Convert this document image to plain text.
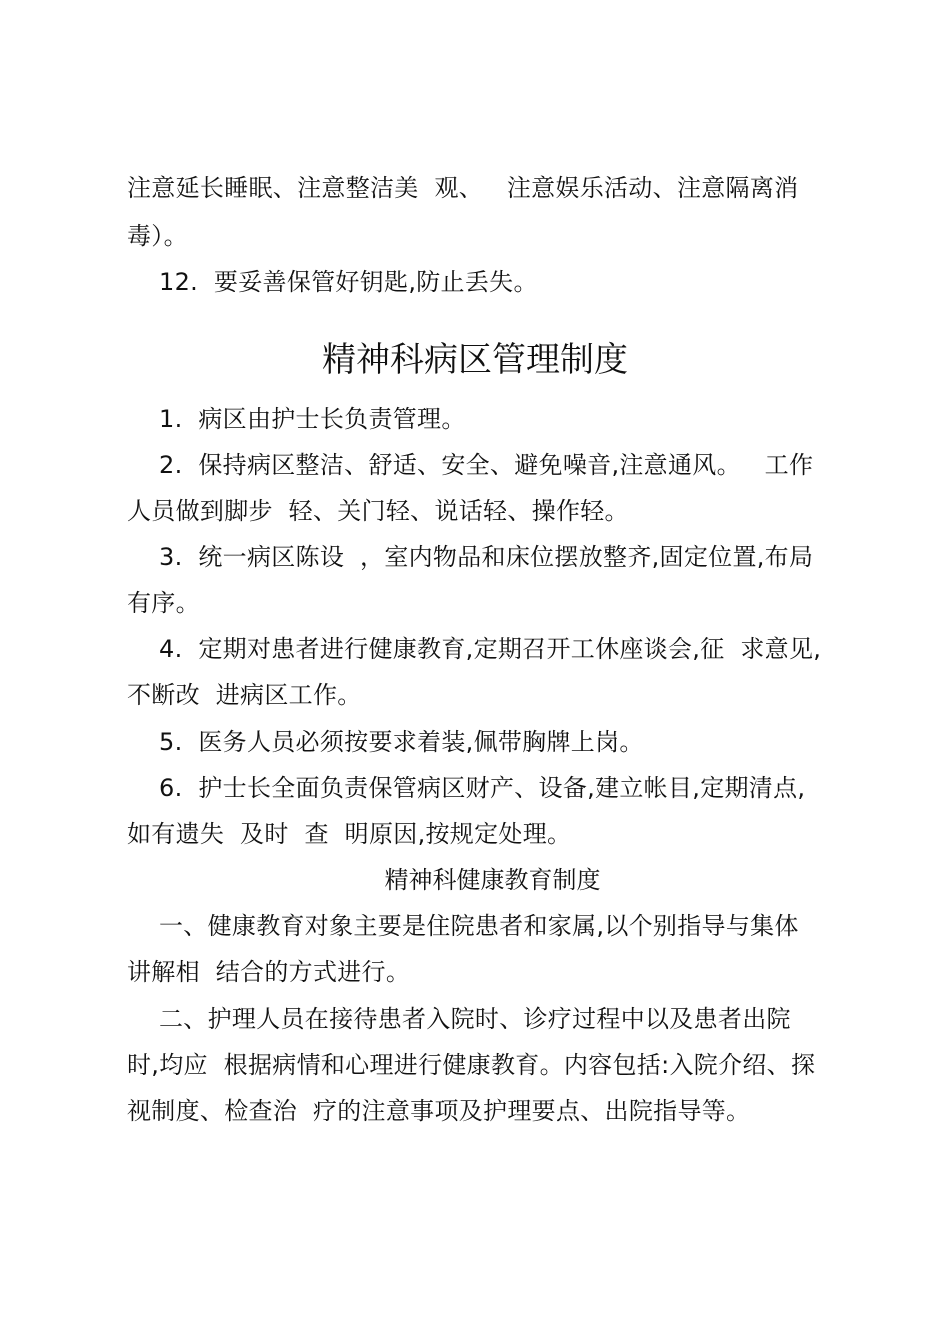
注意延长睡眠、注意整洁美  观、   注意娱乐活动、注意隔离消
毒）。
12.  要妥善保管好钥匙,防止丢失。
精神科病区管理制度
1.  病区由护士长负责管理。
2.  保持病区整洁、舒适、安全、避免噪音,注意通风。   工作
人员做到脚步  轻、关门轻、说话轻、操作轻。
3.  统一病区陈设  ，室内物品和床位摆放整齐,固定位置,布局
有序。
4.  定期对患者进行健康教育,定期召开工休座谈会,征  求意见,
不断改  进病区工作。
5.  医务人员必须按要求着装,佩带胸牌上岗。
6.  护士长全面负责保管病区财产、设备,建立帐目,定期清点,
如有遗失  及时  查  明原因,按规定处理。
精神科健康教育制度
一、健康教育对象主要是住院患者和家属,以个别指导与集体
讲解相  结合的方式进行。
二、护理人员在接待患者入院时、诊疗过程中以及患者出院
时,均应  根据病情和心理进行健康教育。内容包括:入院介绍、探
视制度、检查治  疗的注意事项及护理要点、出院指导等。
